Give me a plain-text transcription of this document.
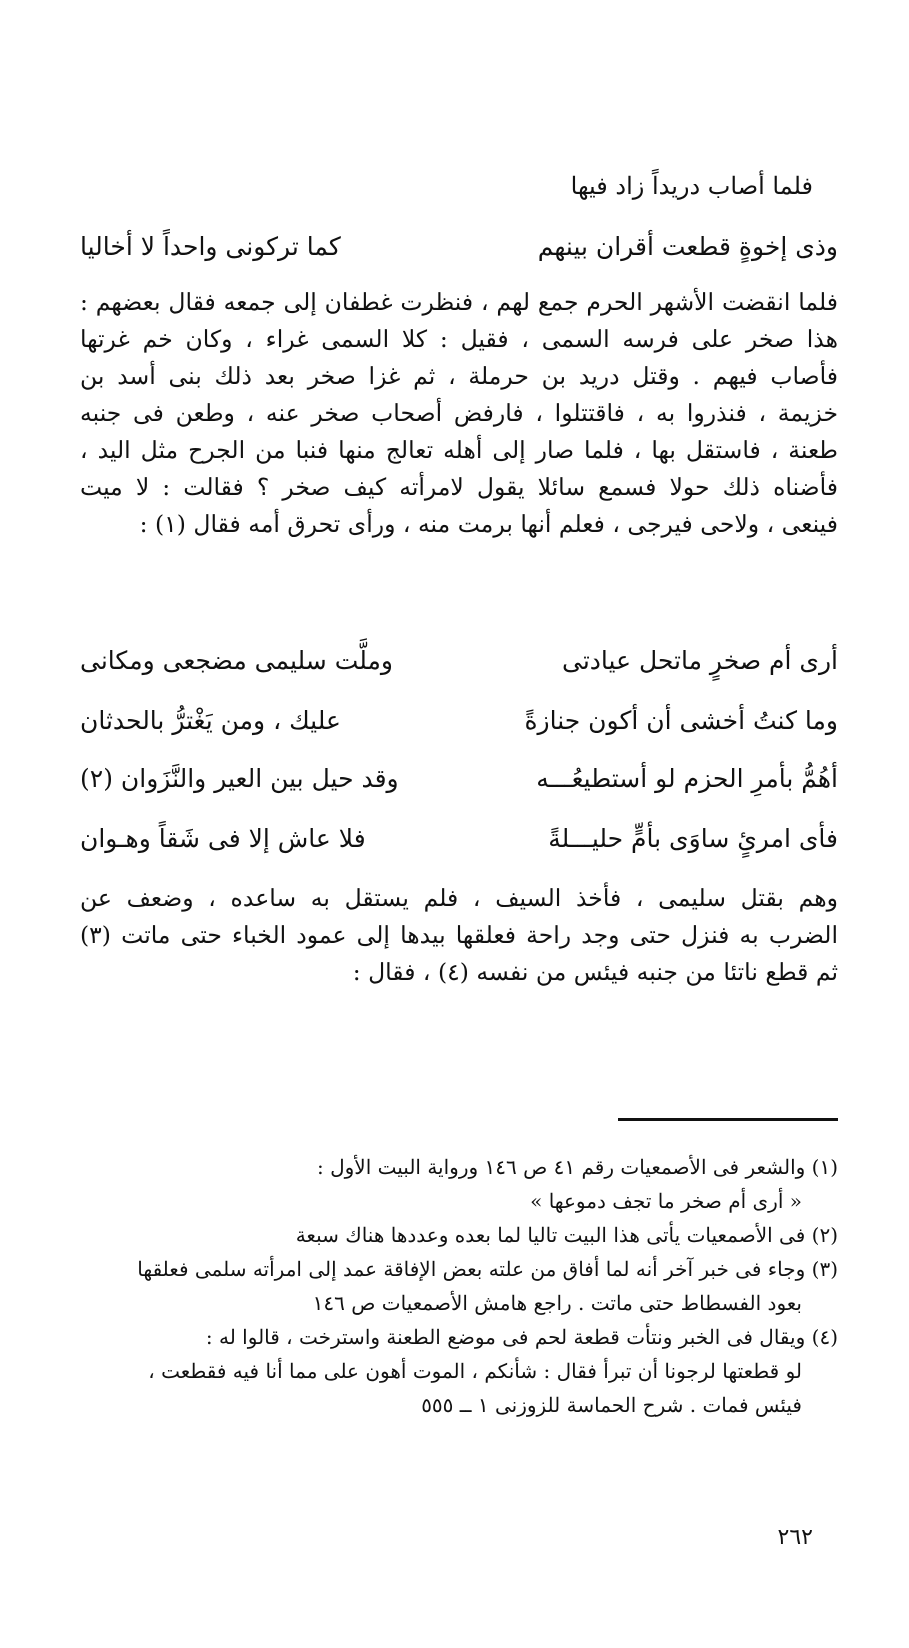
فلما أصاب دريداً زاد فيها
وذى إخوةٍ قطعت أقران بينهم
كما تركونى واحداً لا أخاليا
فلما انقضت الأشهر الحرم جمع لهم ، فنظرت غطفان إلى جمعه فقال بعضهم :
هذا صخر على فرسه السمى ، فقيل : كلا السمى غراء ، وكان خم غرتها
فأصاب فيهم . وقتل دريد بن حرملة ، ثم غزا صخر بعد ذلك بنى أسد بن
خزيمة ، فنذروا به ، فاقتتلوا ، فارفض أصحاب صخر عنه ، وطعن فى جنبه
طعنة ، فاستقل بها ، فلما صار إلى أهله تعالج منها فنبا من الجرح مثل اليد ،
فأضناه ذلك حولا فسمع سائلا يقول لامرأته كيف صخر ؟ فقالت : لا ميت
فينعى ، ولاحى فيرجى ، فعلم أنها برمت منه ، ورأى تحرق أمه فقال (١) :
أرى أم صخرٍ ماتحل عيادتى
وملَّت سليمى مضجعى ومكانى
وما كنتُ أخشى أن أكون جنازةً
عليك ، ومن يَغْترُّ بالحدثان
أهُمُّ بأمرِ الحزم لو أستطيعُـــه
وقد حيل بين العير والنَّزَوان (٢)
فأى امرئٍ ساوَى بأمٍّ حليـــلةً
فلا عاش إلا فى شَقاً وهـوان
وهم بقتل سليمى ، فأخذ السيف ، فلم يستقل به ساعده ، وضعف عن
الضرب به فنزل حتى وجد راحة فعلقها بيدها إلى عمود الخباء حتى ماتت (٣)
ثم قطع ناتئا من جنبه فيئس من نفسه (٤) ، فقال :
(١) والشعر فى الأصمعيات رقم ٤١ ص ١٤٦ ورواية البيت الأول :
« أرى أم صخر ما تجف دموعها »
(٢) فى الأصمعيات يأتى هذا البيت تاليا لما بعده وعددها هناك سبعة
(٣) وجاء فى خبر آخر أنه لما أفاق من علته بعض الإفاقة عمد إلى امرأته سلمى فعلقها
بعود الفسطاط حتى ماتت . راجع هامش الأصمعيات ص ١٤٦
(٤) ويقال فى الخبر ونتأت قطعة لحم فى موضع الطعنة واسترخت ، قالوا له :
لو قطعتها لرجونا أن تبرأ فقال : شأنكم ، الموت أهون على مما أنا فيه فقطعت ،
فيئس فمات . شرح الحماسة للزوزنى ١ ــ ٥٥٥
٢٦٢
